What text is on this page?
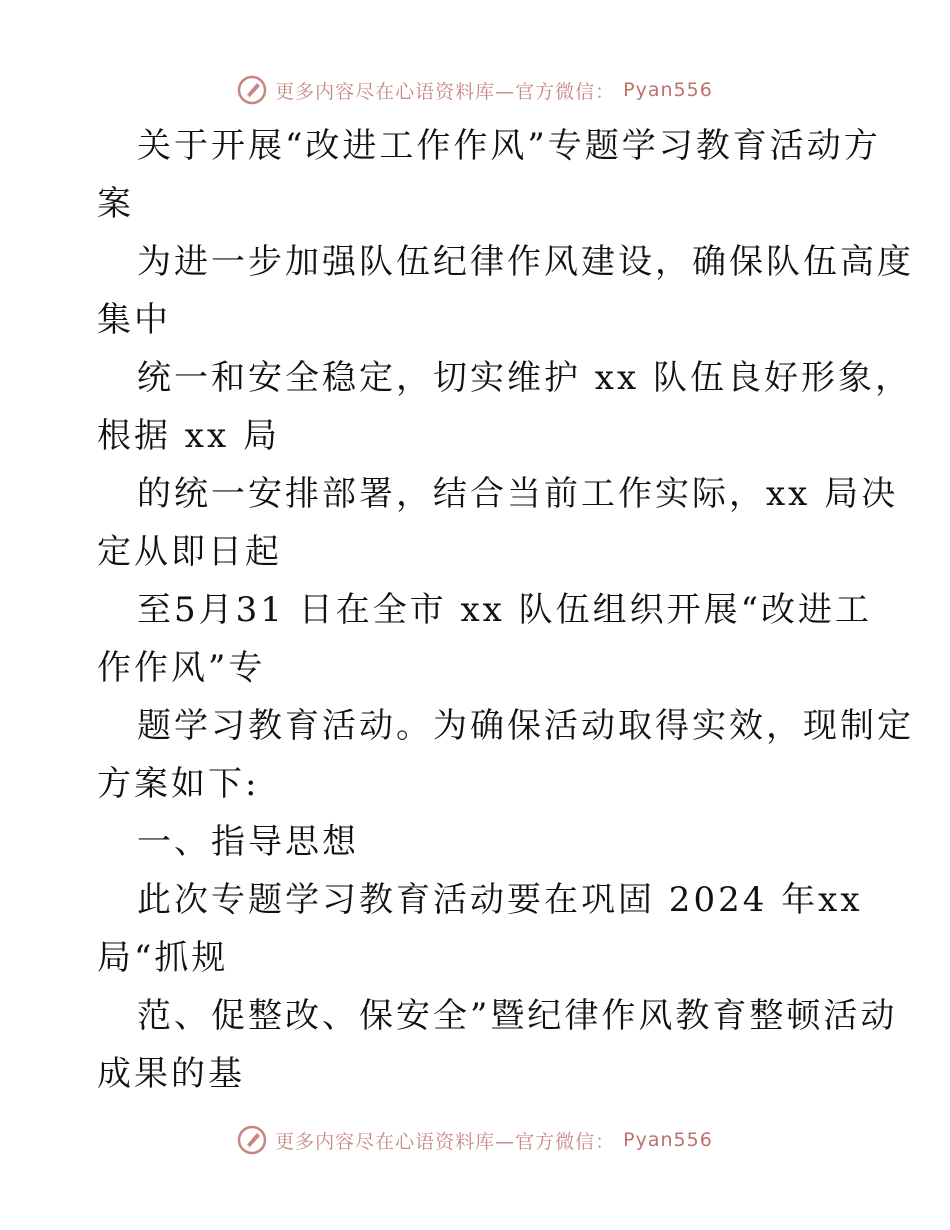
更多内容尽在心语资料库—官方微信： Pyan556
关于开展“改进工作作风”专题学习教育活动方
案
为进一步加强队伍纪律作风建设，确保队伍高度
集中
统一和安全稳定，切实维护 xx 队伍良好形象，
根据 xx 局
的统一安排部署，结合当前工作实际，xx 局决
定从即日起
至5月31 日在全市 xx 队伍组织开展“改进工
作作风”专
题学习教育活动。为确保活动取得实效，现制定
方案如下:
一、指导思想
此次专题学习教育活动要在巩固 2024 年xx
局“抓规
范、促整改、保安全”暨纪律作风教育整顿活动
成果的基
更多内容尽在心语资料库—官方微信： Pyan556
